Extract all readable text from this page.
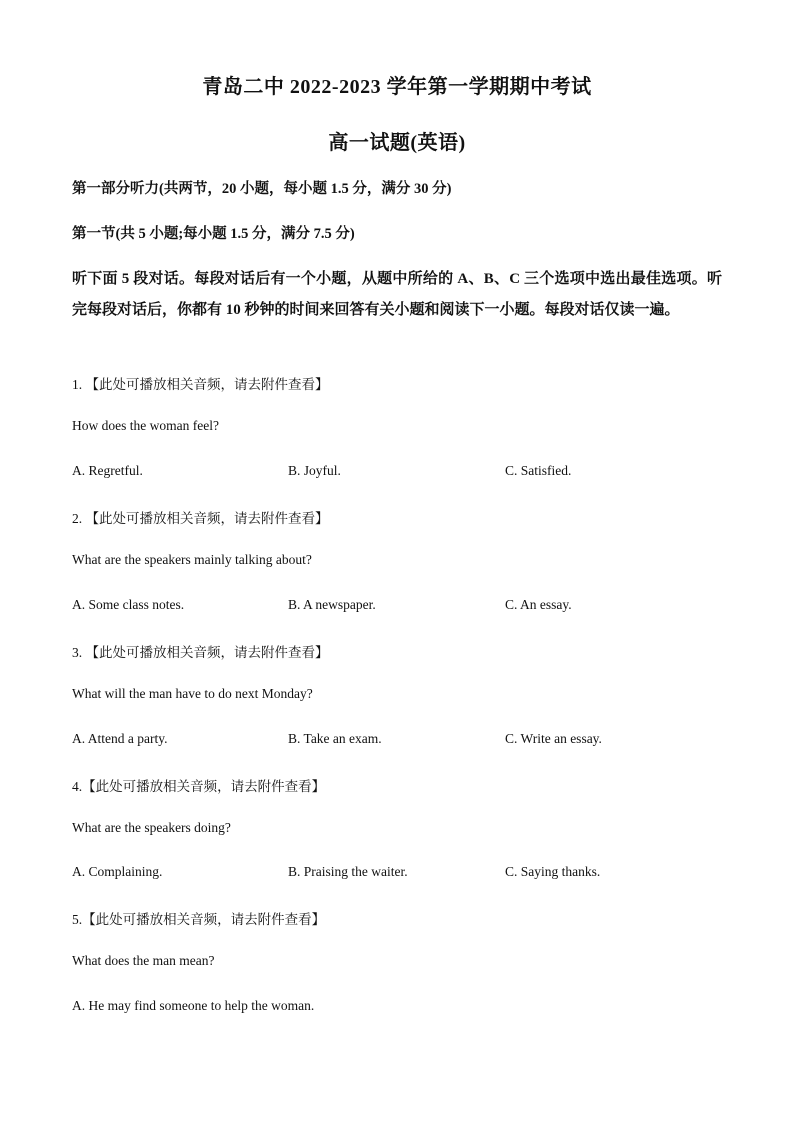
青岛二中 2022-2023 学年第一学期期中考试
高一试题(英语)
第一部分听力(共两节，20 小题，每小题 1.5 分，满分 30 分)
第一节(共 5 小题;每小题 1.5 分，满分 7.5 分)
听下面 5 段对话。每段对话后有一个小题，从题中所给的 A、B、C 三个选项中选出最佳选项。听完每段对话后，你都有 10 秒钟的时间来回答有关小题和阅读下一小题。每段对话仅读一遍。
1. 【此处可播放相关音频，请去附件查看】
How does the woman feel?
A. Regretful.	B. Joyful.	C. Satisfied.
2. 【此处可播放相关音频，请去附件查看】
What are the speakers mainly talking about?
A. Some class notes.	B. A newspaper.	C. An essay.
3. 【此处可播放相关音频，请去附件查看】
What will the man have to do next Monday?
A. Attend a party.	B. Take an exam.	C. Write an essay.
4.【此处可播放相关音频，请去附件查看】
What are the speakers doing?
A. Complaining.	B. Praising the waiter.	C. Saying thanks.
5.【此处可播放相关音频，请去附件查看】
What does the man mean?
A. He may find someone to help the woman.
